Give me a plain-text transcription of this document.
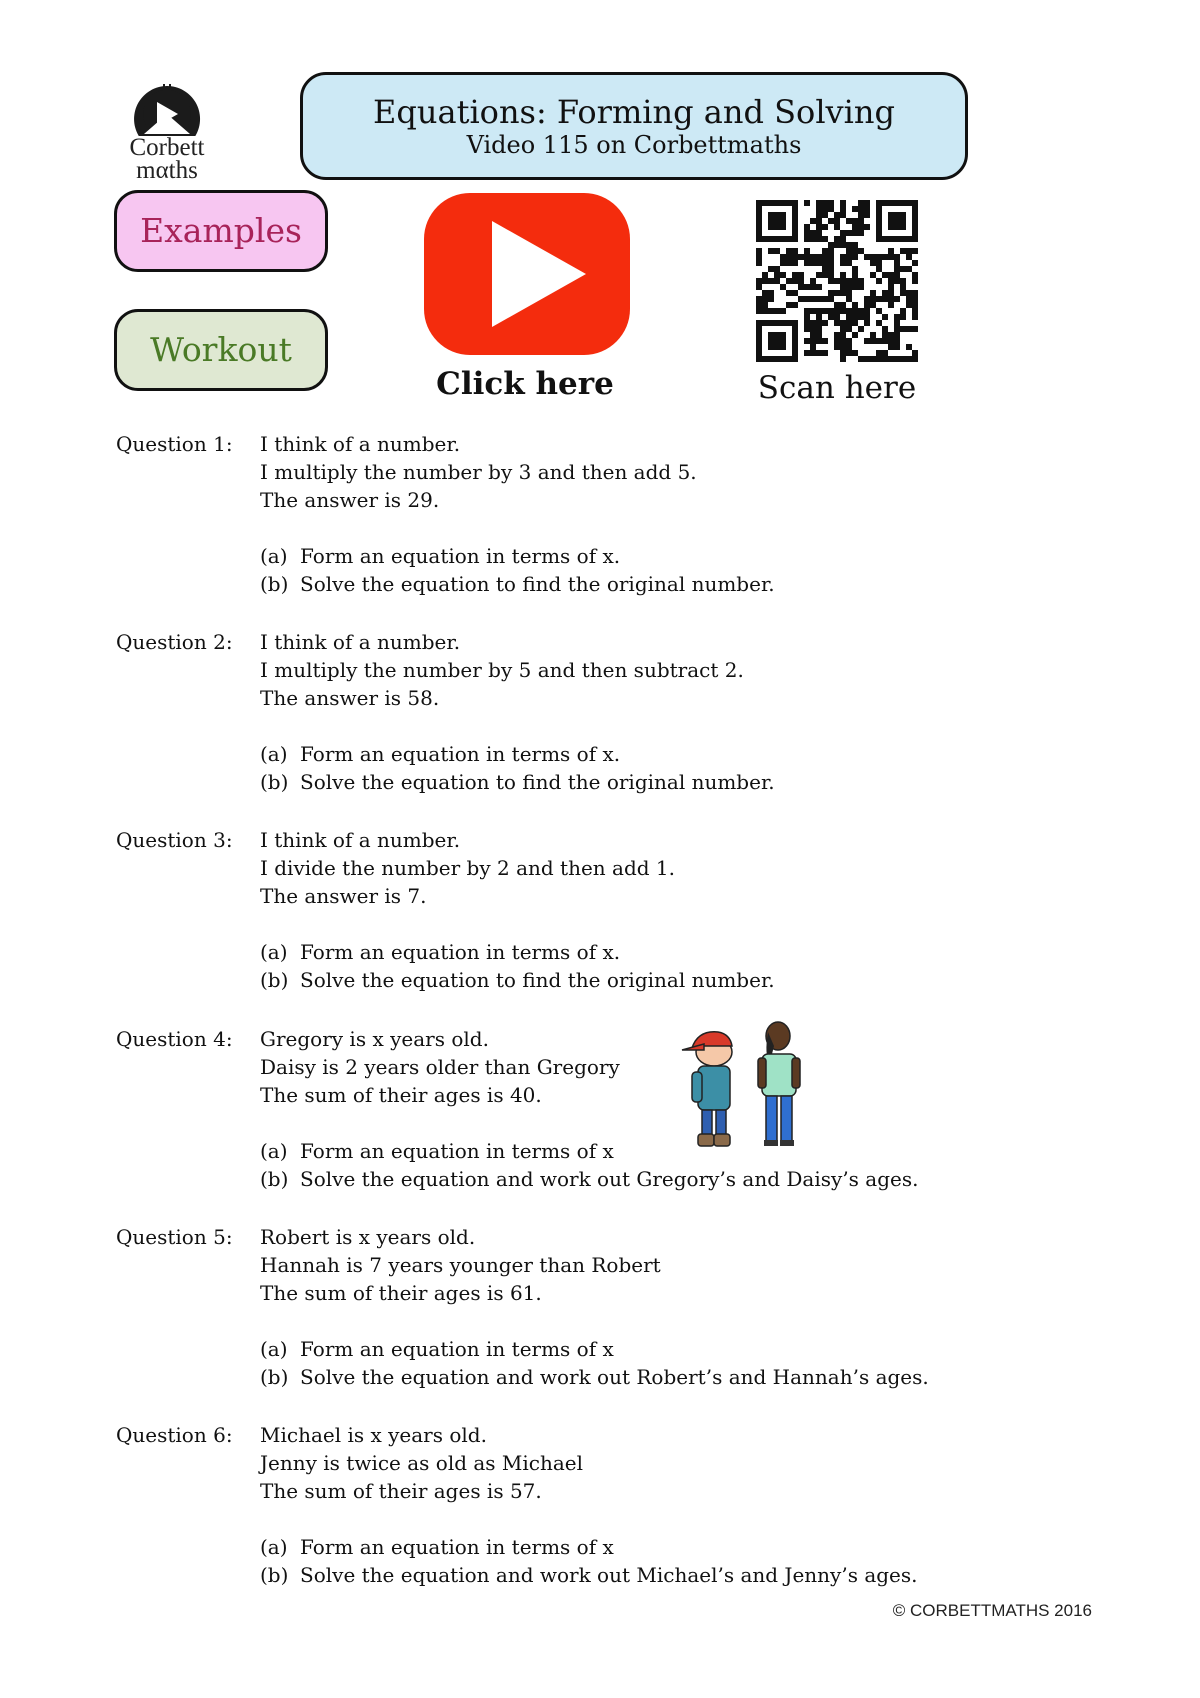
Corbett
mαths
Equations: Forming and Solving
Video 115 on Corbettmaths
Examples
Workout
Click here	Scan here
Question 1:	I think of a number.
I multiply the number by 3 and then add 5.
The answer is 29.
(a) Form an equation in terms of x.
(b) Solve the equation to find the original number.
Question 2:	I think of a number.
I multiply the number by 5 and then subtract 2.
The answer is 58.
(a) Form an equation in terms of x.
(b) Solve the equation to find the original number.
Question 3:	I think of a number.
I divide the number by 2 and then add 1.
The answer is 7.
(a) Form an equation in terms of x.
(b) Solve the equation to find the original number.
Question 4:	Gregory is x years old.
Daisy is 2 years older than Gregory
The sum of their ages is 40.
(a) Form an equation in terms of x
(b) Solve the equation and work out Gregory’s and Daisy’s ages.
Question 5:	Robert is x years old.
Hannah is 7 years younger than Robert
The sum of their ages is 61.
(a) Form an equation in terms of x
(b) Solve the equation and work out Robert’s and Hannah’s ages.
Question 6:	Michael is x years old.
Jenny is twice as old as Michael
The sum of their ages is 57.
(a) Form an equation in terms of x
(b) Solve the equation and work out Michael’s and Jenny’s ages.
© CORBETTMATHS 2016
